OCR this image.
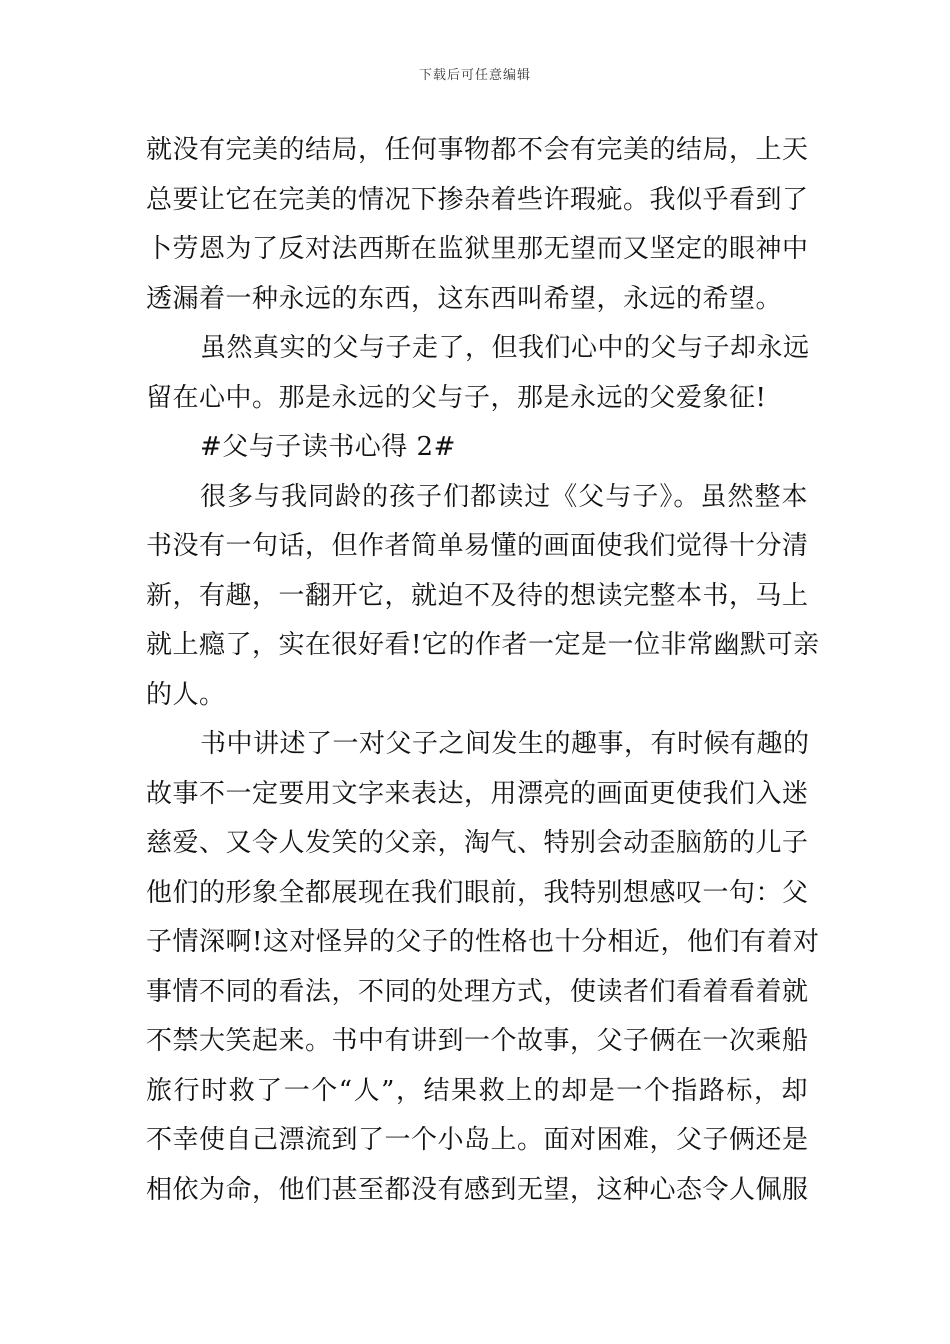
下载后可任意编辑
就没有完美的结局，任何事物都不会有完美的结局，上天
总要让它在完美的情况下掺杂着些许瑕疵。我似乎看到了
卜劳恩为了反对法西斯在监狱里那无望而又坚定的眼神中
透漏着一种永远的东西，这东西叫希望，永远的希望。
虽然真实的父与子走了，但我们心中的父与子却永远
留在心中。那是永远的父与子，那是永远的父爱象征!
#父与子读书心得 2#
很多与我同龄的孩子们都读过《父与子》。虽然整本
书没有一句话，但作者简单易懂的画面使我们觉得十分清
新，有趣，一翻开它，就迫不及待的想读完整本书，马上
就上瘾了，实在很好看!它的作者一定是一位非常幽默可亲
的人。
书中讲述了一对父子之间发生的趣事，有时候有趣的
故事不一定要用文字来表达，用漂亮的画面更使我们入迷
慈爱、又令人发笑的父亲，淘气、特别会动歪脑筋的儿子
他们的形象全都展现在我们眼前，我特别想感叹一句：父
子情深啊!这对怪异的父子的性格也十分相近，他们有着对
事情不同的看法，不同的处理方式，使读者们看着看着就
不禁大笑起来。书中有讲到一个故事，父子俩在一次乘船
旅行时救了一个“人”，结果救上的却是一个指路标，却
不幸使自己漂流到了一个小岛上。面对困难，父子俩还是
相依为命，他们甚至都没有感到无望，这种心态令人佩服
